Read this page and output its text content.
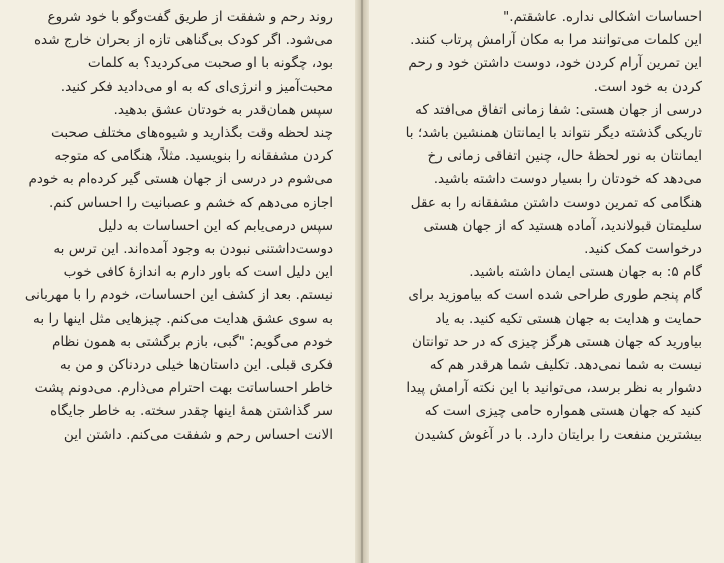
روند رحم و شفقت از طریق گفت‌وگو با خود شروع
می‌شود. اگر کودک بی‌گناهی تازه از بحران خارج شده
بود، چگونه با او صحبت می‌کردید؟ به کلمات
محبت‌آمیز و انرژی‌ای که به او می‌دادید فکر کنید.
سپس همان‌قدر به خودتان عشق بدهید.
چند لحظه وقت بگذارید و شیوه‌های مختلف صحبت
کردن مشفقانه را بنویسید. مثلاً، هنگامی که متوجه
می‌شوم در درسی از جهان هستی گیر کرده‌ام به خودم
اجازه می‌دهم که خشم و عصبانیت را احساس کنم.
سپس درمی‌یابم که این احساسات به دلیل
دوست‌داشتنی نبودن به وجود آمده‌اند. این ترس به
این دلیل است که باور دارم به اندازهٔ کافی خوب
نیستم. بعد از کشف این احساسات، خودم را با مهربانی
به سوی عشق هدایت می‌کنم. چیزهایی مثل اینها را به
خودم می‌گویم: "گبی، بازم برگشتی به همون نظام
فکری قبلی. این داستان‌ها خیلی دردناکن و من به
خاطر احساساتت بهت احترام می‌ذارم. می‌دونم پشت
سر گذاشتن همهٔ اینها چقدر سخته. به خاطر جایگاه
الانت احساس رحم و شفقت می‌کنم. داشتن این
احساسات اشکالی نداره. عاشقتم."
این کلمات می‌توانند مرا به مکان آرامش پرتاب کنند.
این تمرین آرام کردن خود، دوست داشتن خود و رحم
کردن به خود است.
درسی از جهان هستی: شفا زمانی اتفاق می‌افتد که
تاریکی گذشته دیگر نتواند با ایمانتان همنشین باشد؛ با
ایمانتان به نور لحظهٔ حال، چنین اتفاقی زمانی رخ
می‌دهد که خودتان را بسیار دوست داشته باشید.
هنگامی که تمرین دوست داشتن مشفقانه را به عقل
سلیمتان قبولاندید، آماده هستید که از جهان هستی
درخواست کمک کنید.
گام ۵: به جهان هستی ایمان داشته باشید.
گام پنجم طوری طراحی شده است که بیاموزید برای
حمایت و هدایت به جهان هستی تکیه کنید. به یاد
بیاورید که جهان هستی هرگز چیزی که در حد توانتان
نیست به شما نمی‌دهد. تکلیف شما هرقدر هم که
دشوار به نظر برسد، می‌توانید با این نکته آرامش پیدا
کنید که جهان هستی همواره حامی چیزی است که
بیشترین منفعت را برایتان دارد. با در آغوش کشیدن
